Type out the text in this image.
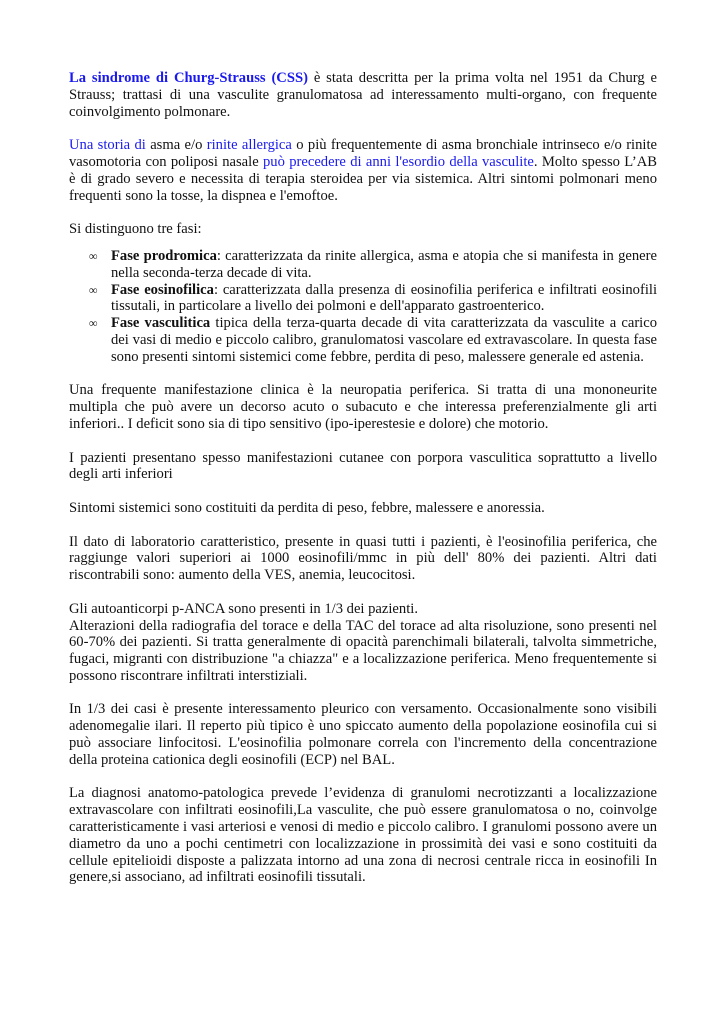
La sindrome di Churg-Strauss (CSS) è stata descritta per la prima volta nel 1951 da Churg e Strauss; trattasi di una vasculite granulomatosa ad interessamento multi-organo, con frequente coinvolgimento polmonare.

Una storia di asma e/o rinite allergica o più frequentemente di asma bronchiale intrinseco e/o rinite vasomotoria con poliposi nasale può precedere di anni l'esordio della vasculite. Molto spesso L’AB è di grado severo e necessita di terapia steroidea per via sistemica. Altri sintomi polmonari meno frequenti sono la tosse, la dispnea e l'emoftoe.

Si distinguono tre fasi:

∞ Fase prodromica: caratterizzata da rinite allergica, asma e atopia che si manifesta in genere nella seconda-terza decade di vita.
∞ Fase eosinofilica: caratterizzata dalla presenza di eosinofilia periferica e infiltrati eosinofili tissutali, in particolare a livello dei polmoni e dell'apparato gastroenterico.
∞ Fase vasculitica tipica della terza-quarta decade di vita caratterizzata da vasculite a carico dei vasi di medio e piccolo calibro, granulomatosi vascolare ed extravascolare. In questa fase sono presenti sintomi sistemici come febbre, perdita di peso, malessere generale ed astenia.

Una frequente manifestazione clinica è la neuropatia periferica. Si tratta di una mononeurite multipla che può avere un decorso acuto o subacuto e che interessa preferenzialmente gli arti inferiori.. I deficit sono sia di tipo sensitivo (ipo-iperestesie e dolore) che motorio.

I pazienti presentano spesso manifestazioni cutanee con porpora vasculitica soprattutto a livello degli arti inferiori

Sintomi sistemici sono costituiti da perdita di peso, febbre, malessere e anoressia.

Il dato di laboratorio caratteristico, presente in quasi tutti i pazienti, è l'eosinofilia periferica, che raggiunge valori superiori ai 1000 eosinofili/mmc in più dell' 80% dei pazienti. Altri dati riscontrabili sono: aumento della VES, anemia, leucocitosi.

Gli autoanticorpi p-ANCA sono presenti in 1/3 dei pazienti.

Alterazioni della radiografia del torace e della TAC del torace ad alta risoluzione, sono presenti nel 60-70% dei pazienti. Si tratta generalmente di opacità parenchimali bilaterali, talvolta simmetriche, fugaci, migranti con distribuzione "a chiazza" e a localizzazione periferica. Meno frequentemente si possono riscontrare infiltrati interstiziali.

In 1/3 dei casi è presente interessamento pleurico con versamento. Occasionalmente sono visibili adenomegalie ilari. Il reperto più tipico è uno spiccato aumento della popolazione eosinofila cui si può associare linfocitosi. L'eosinofilia polmonare correla con l'incremento della concentrazione della proteina cationica degli eosinofili (ECP) nel BAL.

La diagnosi anatomo-patologica prevede l’evidenza di granulomi necrotizzanti a localizzazione extravascolare con infiltrati eosinofili,La vasculite, che può essere granulomatosa o no, coinvolge caratteristicamente i vasi arteriosi e venosi di medio e piccolo calibro. I granulomi possono avere un diametro da uno a pochi centimetri con localizzazione in prossimità dei vasi e sono costituiti da cellule epitelioidi disposte a palizzata intorno ad una zona di necrosi centrale ricca in eosinofili In genere,si associano, ad infiltrati eosinofili tissutali.
